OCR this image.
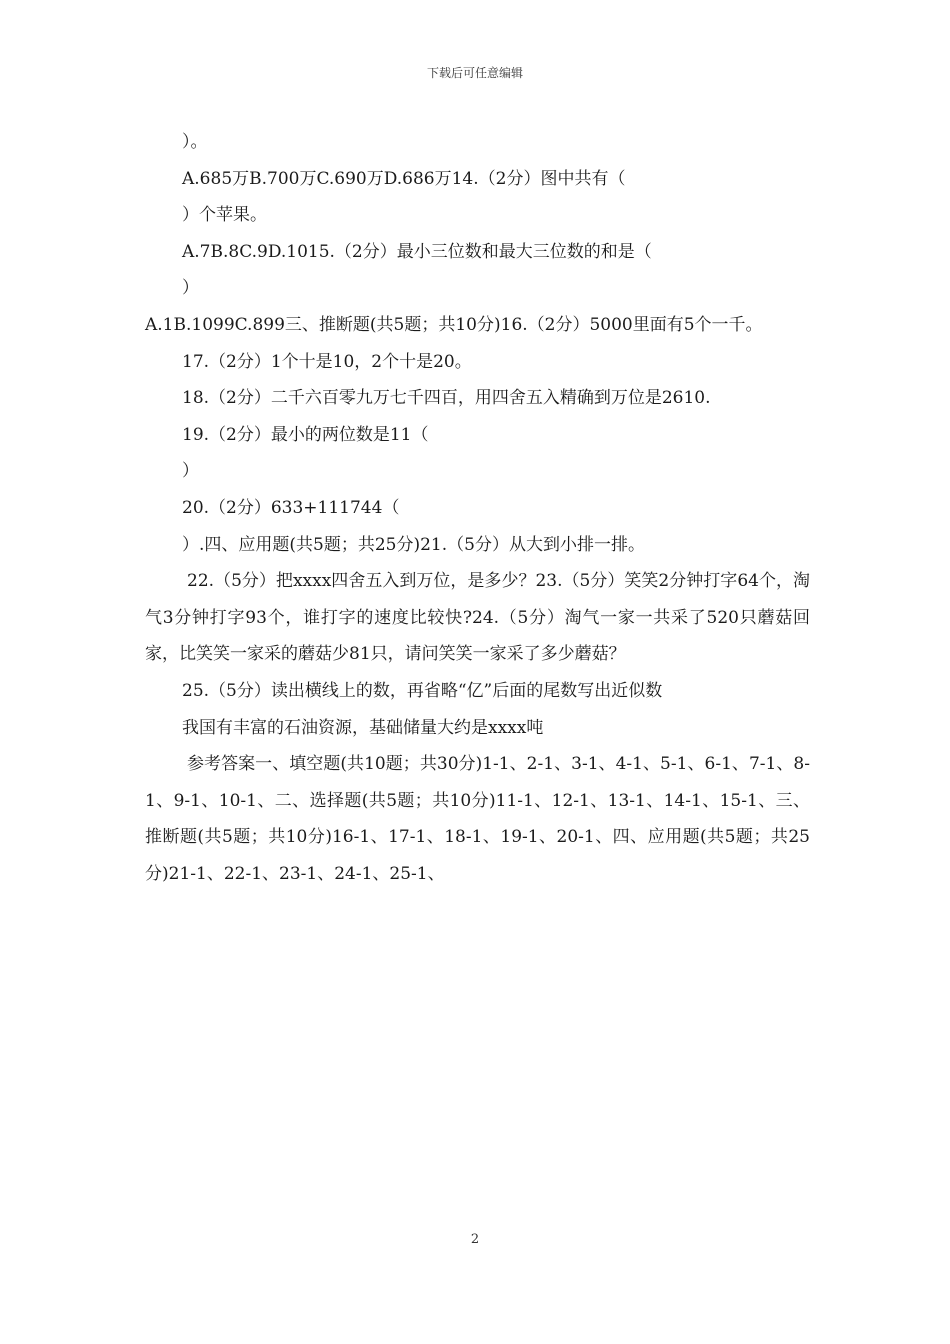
下载后可任意编辑

）。

A.685万B.700万C.690万D.686万14.（2分）图中共有（

）个苹果。

A.7B.8C.9D.1015.（2分）最小三位数和最大三位数的和是（

）

A.1B.1099C.899三、推断题(共5题；共10分)16.（2分）5000里面有5个一千。

17.（2分）1个十是10，2个十是20。

18.（2分）二千六百零九万七千四百，用四舍五入精确到万位是2610.

19.（2分）最小的两位数是11（

）

20.（2分）633+111744（

）.四、应用题(共5题；共25分)21.（5分）从大到小排一排。

22.（5分）把xxxx四舍五入到万位，是多少？23.（5分）笑笑2分钟打字64个，淘气3分钟打字93个，谁打字的速度比较快?24.（5分）淘气一家一共采了520只蘑菇回家，比笑笑一家采的蘑菇少81只，请问笑笑一家采了多少蘑菇？

25.（5分）读出横线上的数，再省略“亿”后面的尾数写出近似数

我国有丰富的石油资源，基础储量大约是xxxx吨

参考答案一、填空题(共10题；共30分)1-1、2-1、3-1、4-1、5-1、6-1、7-1、8-1、9-1、10-1、二、选择题(共5题；共10分)11-1、12-1、13-1、14-1、15-1、三、推断题(共5题；共10分)16-1、17-1、18-1、19-1、20-1、四、应用题(共5题；共25分)21-1、22-1、23-1、24-1、25-1、

2
